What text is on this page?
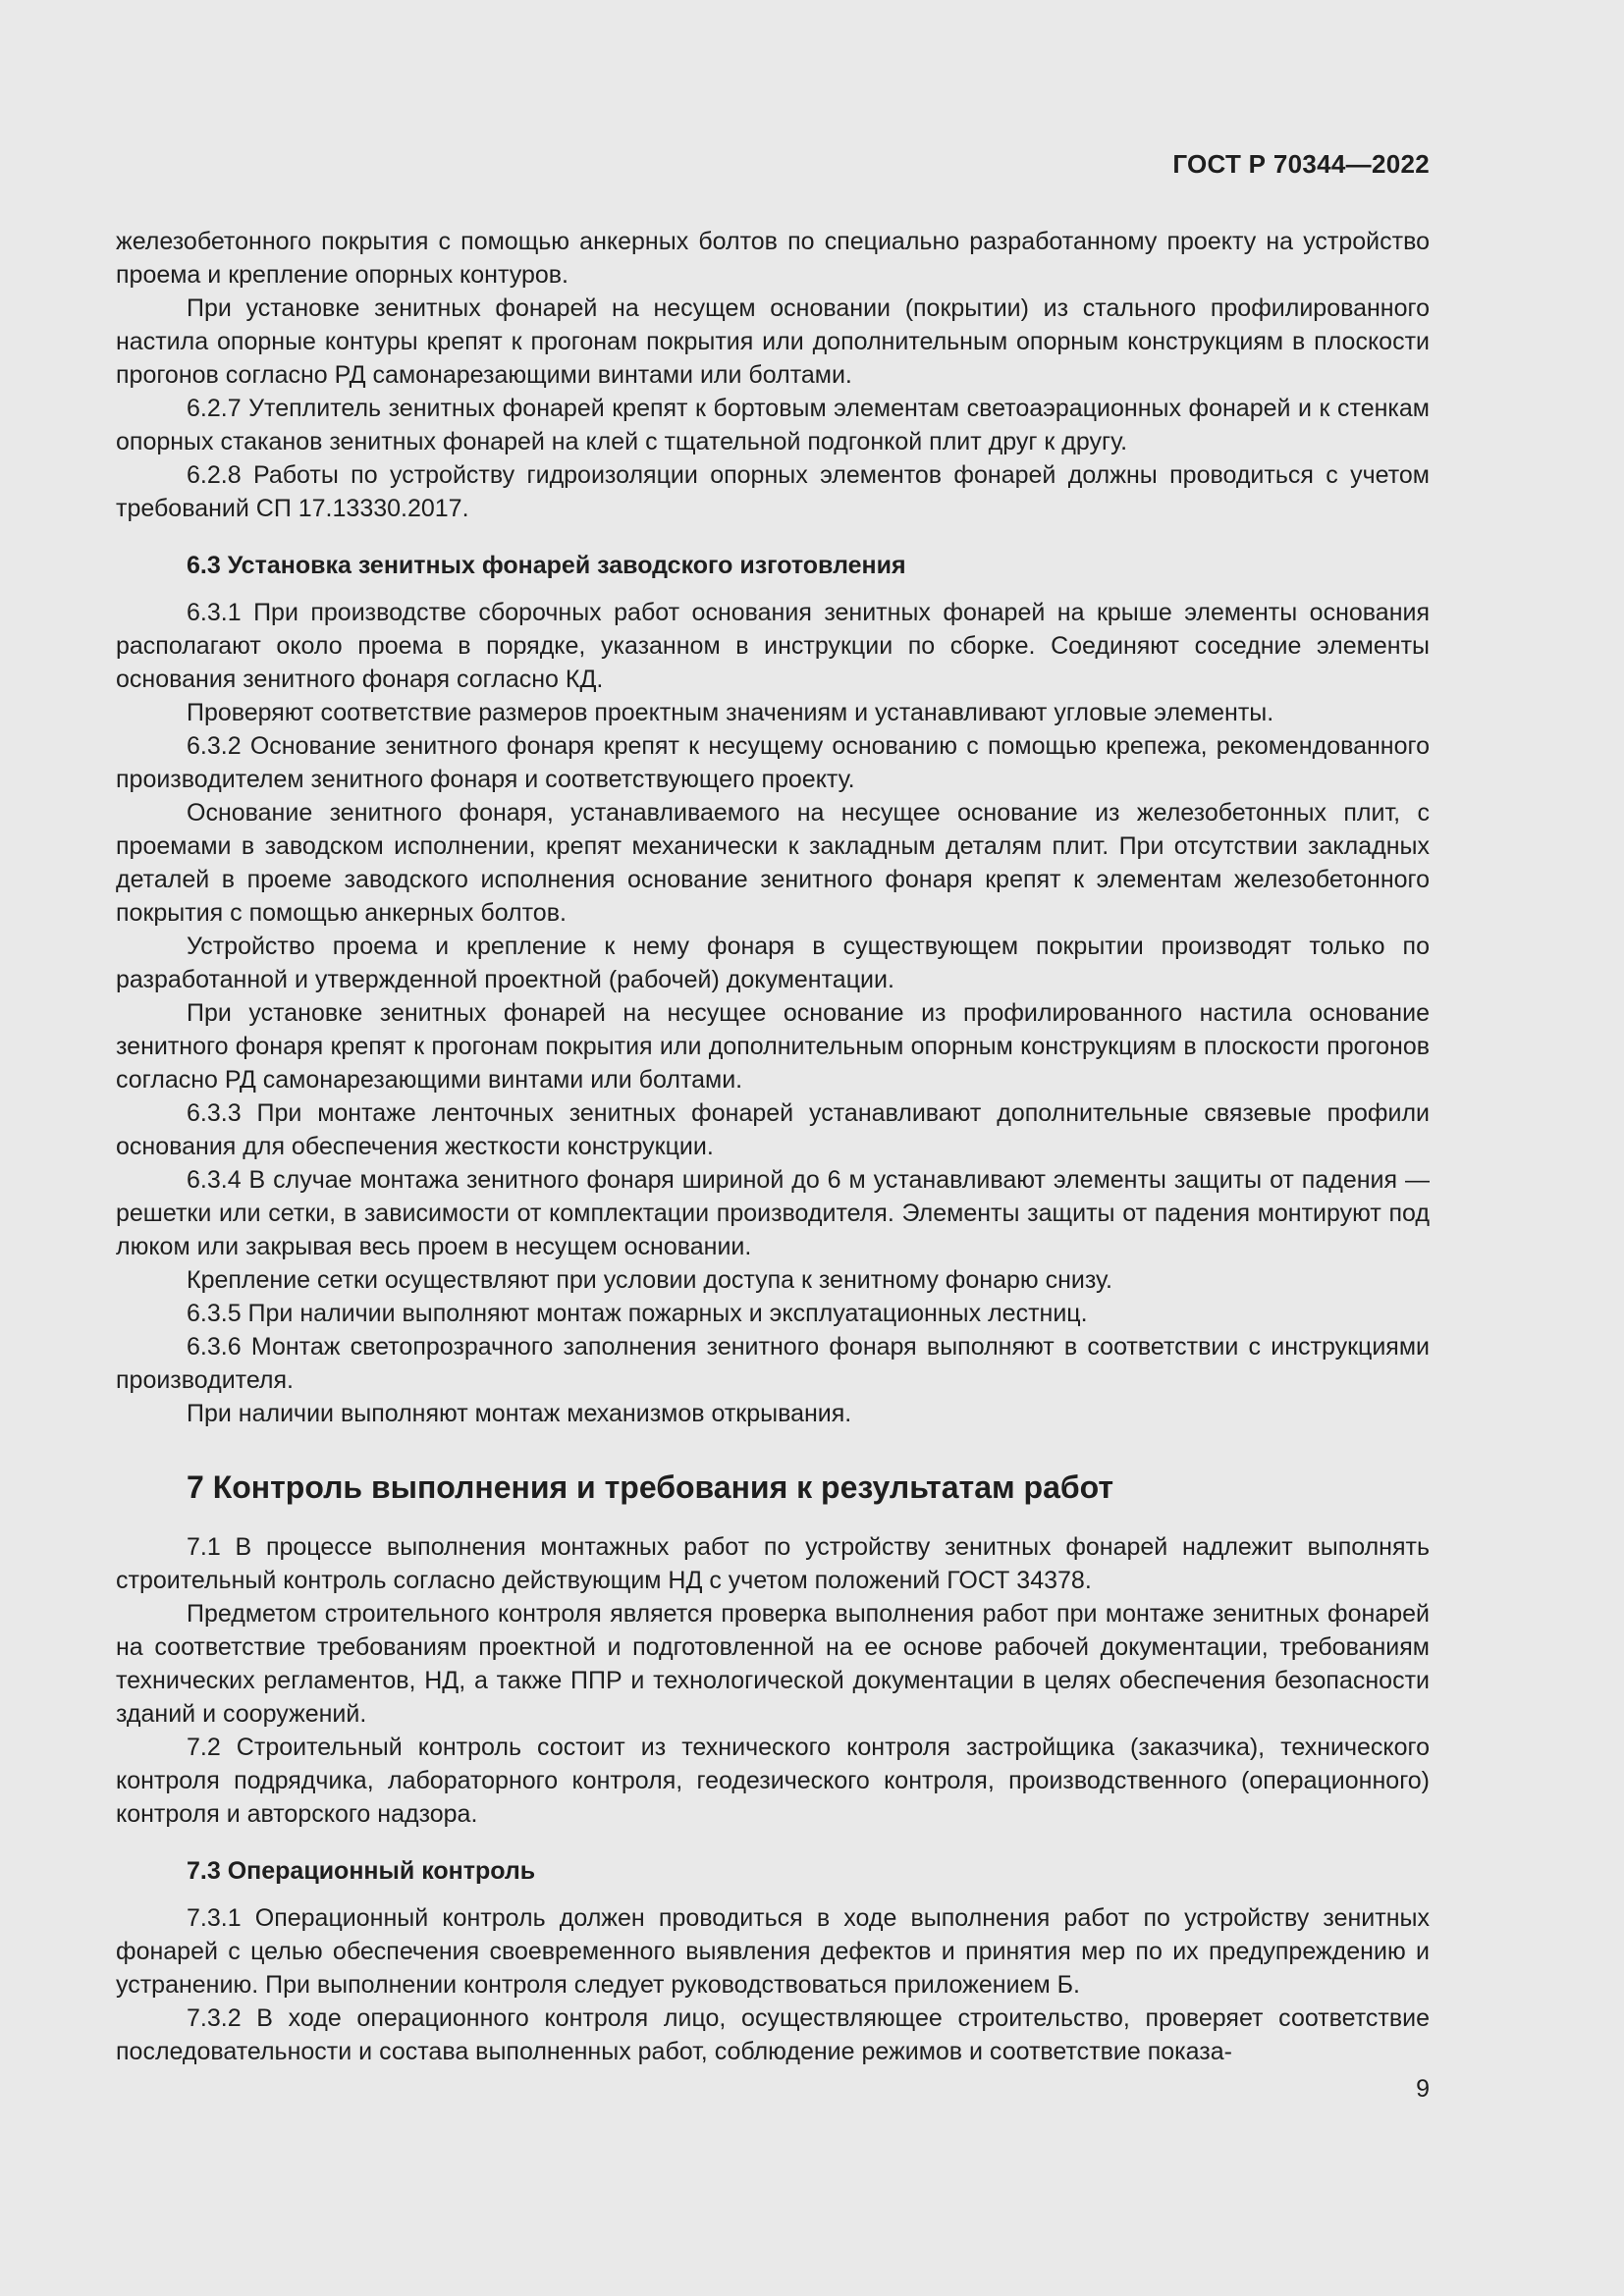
ГОСТ Р 70344—2022

железобетонного покрытия с помощью анкерных болтов по специально разработанному проекту на устройство проема и крепление опорных контуров.

При установке зенитных фонарей на несущем основании (покрытии) из стального профилированного настила опорные контуры крепят к прогонам покрытия или дополнительным опорным конструкциям в плоскости прогонов согласно РД самонарезающими винтами или болтами.

6.2.7 Утеплитель зенитных фонарей крепят к бортовым элементам светоаэрационных фонарей и к стенкам опорных стаканов зенитных фонарей на клей с тщательной подгонкой плит друг к другу.

6.2.8 Работы по устройству гидроизоляции опорных элементов фонарей должны проводиться с учетом требований СП 17.13330.2017.

6.3 Установка зенитных фонарей заводского изготовления

6.3.1 При производстве сборочных работ основания зенитных фонарей на крыше элементы основания располагают около проема в порядке, указанном в инструкции по сборке. Соединяют соседние элементы основания зенитного фонаря согласно КД.

Проверяют соответствие размеров проектным значениям и устанавливают угловые элементы.

6.3.2 Основание зенитного фонаря крепят к несущему основанию с помощью крепежа, рекомендованного производителем зенитного фонаря и соответствующего проекту.

Основание зенитного фонаря, устанавливаемого на несущее основание из железобетонных плит, с проемами в заводском исполнении, крепят механически к закладным деталям плит. При отсутствии закладных деталей в проеме заводского исполнения основание зенитного фонаря крепят к элементам железобетонного покрытия с помощью анкерных болтов.

Устройство проема и крепление к нему фонаря в существующем покрытии производят только по разработанной и утвержденной проектной (рабочей) документации.

При установке зенитных фонарей на несущее основание из профилированного настила основание зенитного фонаря крепят к прогонам покрытия или дополнительным опорным конструкциям в плоскости прогонов согласно РД самонарезающими винтами или болтами.

6.3.3 При монтаже ленточных зенитных фонарей устанавливают дополнительные связевые профили основания для обеспечения жесткости конструкции.

6.3.4 В случае монтажа зенитного фонаря шириной до 6 м устанавливают элементы защиты от падения — решетки или сетки, в зависимости от комплектации производителя. Элементы защиты от падения монтируют под люком или закрывая весь проем в несущем основании.

Крепление сетки осуществляют при условии доступа к зенитному фонарю снизу.

6.3.5 При наличии выполняют монтаж пожарных и эксплуатационных лестниц.

6.3.6 Монтаж светопрозрачного заполнения зенитного фонаря выполняют в соответствии с инструкциями производителя.

При наличии выполняют монтаж механизмов открывания.

7 Контроль выполнения и требования к результатам работ

7.1 В процессе выполнения монтажных работ по устройству зенитных фонарей надлежит выполнять строительный контроль согласно действующим НД с учетом положений ГОСТ 34378.

Предметом строительного контроля является проверка выполнения работ при монтаже зенитных фонарей на соответствие требованиям проектной и подготовленной на ее основе рабочей документации, требованиям технических регламентов, НД, а также ППР и технологической документации в целях обеспечения безопасности зданий и сооружений.

7.2 Строительный контроль состоит из технического контроля застройщика (заказчика), технического контроля подрядчика, лабораторного контроля, геодезического контроля, производственного (операционного) контроля и авторского надзора.

7.3 Операционный контроль

7.3.1 Операционный контроль должен проводиться в ходе выполнения работ по устройству зенитных фонарей с целью обеспечения своевременного выявления дефектов и принятия мер по их предупреждению и устранению. При выполнении контроля следует руководствоваться приложением Б.

7.3.2 В ходе операционного контроля лицо, осуществляющее строительство, проверяет соответствие последовательности и состава выполненных работ, соблюдение режимов и соответствие показа-

9
